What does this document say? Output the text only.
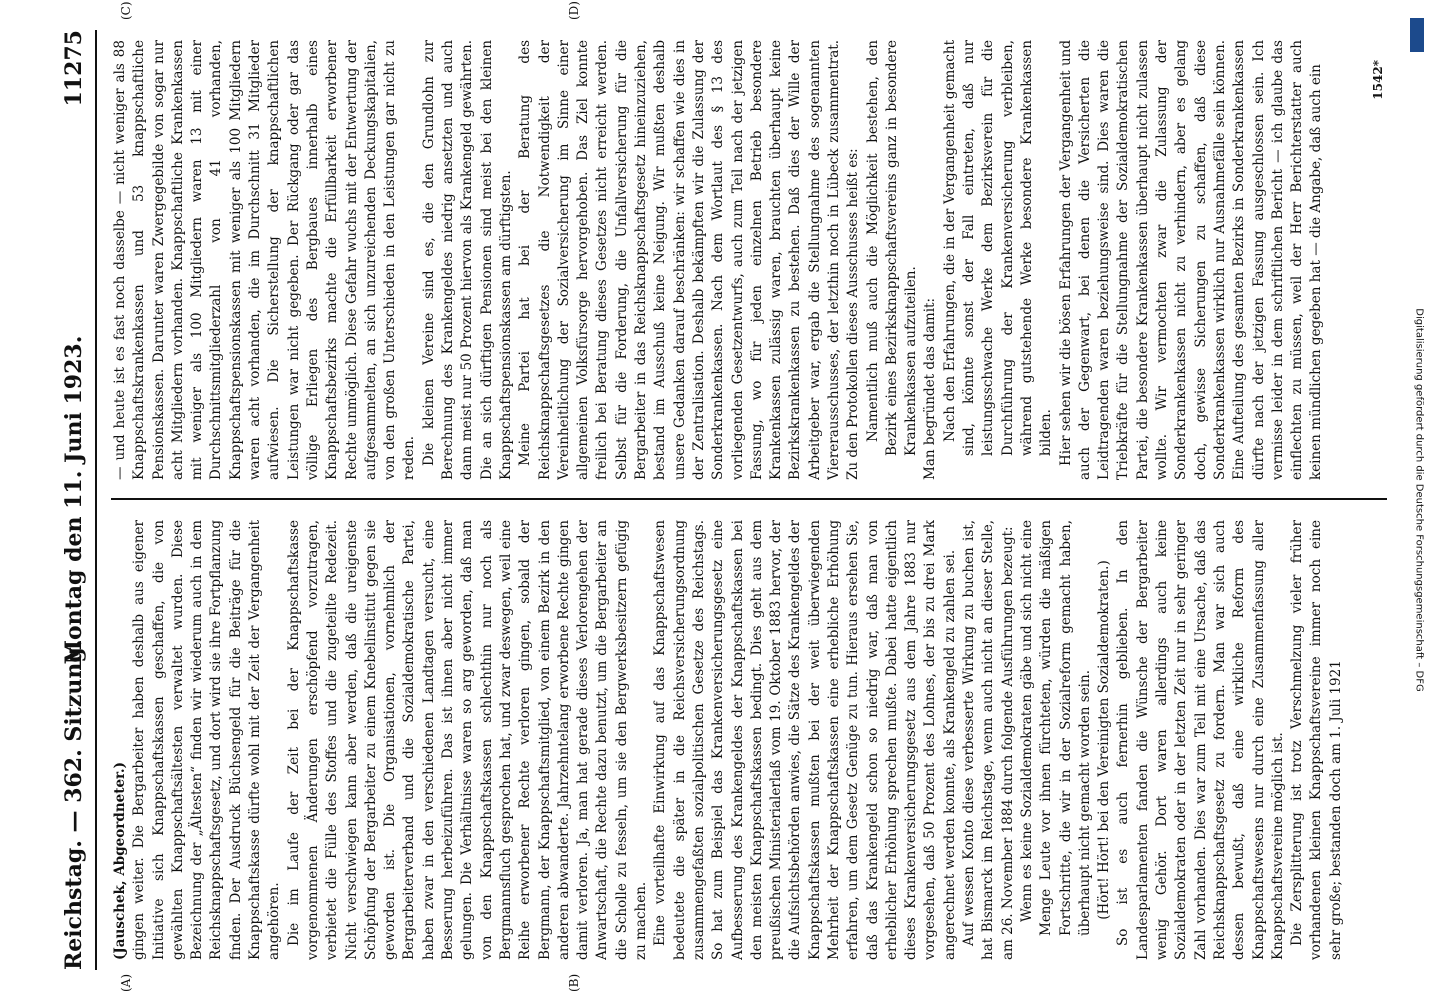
Reichstag. — 362. Sitzung.
Montag den 11. Juni 1923.
11275
(A)	(B)
(C)	(D)

(Jauschek, Abgeordneter.) gingen weiter. Die Bergarbeiter haben deshalb aus eigener Initiative sich Knappschaftskassen geschaffen, die von gewählten Knappschaftsältesten verwaltet wurden. Diese Bezeichnung der „Ältesten“ finden wir wiederum auch in dem Reichsknappschaftsgesetz, und dort wird sie ihre Fortpflanzung finden. Der Ausdruck Büchsengeld für die Beiträge für die Knappschaftskasse dürfte wohl mit der Zeit der Vergangenheit angehören. Die im Laufe der Zeit bei der Knappschaftskasse vorgenommenen Änderungen erschöpfend vorzutragen, verbietet die Fülle des Stoffes und die zugeteilte Redezeit. Nicht verschwiegen kann aber werden, daß die ureigenste Schöpfung der Bergarbeiter zu einem Knebelinstitut gegen sie geworden ist. Die Organisationen, vornehmlich der Bergarbeiterverband und die Sozialdemokratische Partei, haben zwar in den verschiedenen Landtagen versucht, eine Besserung herbeizuführen. Das ist ihnen aber nicht immer gelungen. Die Verhältnisse waren so arg geworden, daß man von den Knappschaftskassen schlechthin nur noch als Bergmannsfluch gesprochen hat, und zwar deswegen, weil eine Reihe erworbener Rechte verloren gingen, sobald der Bergmann, der Knappschaftsmitglied, von einem Bezirk in den anderen abwanderte. Jahrzehntelang erworbene Rechte gingen damit verloren. Ja, man hat gerade dieses Verlorengehen der Anwartschaft, die Rechte dazu benutzt, um die Bergarbeiter an die Scholle zu fesseln, um sie den Bergwerksbesitzern gefügig zu machen. Eine vorteilhafte Einwirkung auf das Knappschaftswesen bedeutete die später in die Reichsversicherungsordnung zusammengefaßten sozialpolitischen Gesetze des Reichstags. So hat zum Beispiel das Krankenversicherungsgesetz eine Aufbesserung des Krankengeldes der Knappschaftskassen bei den meisten Knappschaftskassen bedingt. Dies geht aus dem preußischen Ministerialerlaß vom 19. Oktober 1883 hervor, der die Aufsichtsbehörden anwies, die Sätze des Krankengeldes der Knappschaftskassen mußten bei der weit überwiegenden Mehrheit der Knappschaftskassen eine erhebliche Erhöhung erfahren, um dem Gesetz Genüge zu tun. Hieraus ersehen Sie, daß das Krankengeld schon so niedrig war, daß man von erheblicher Erhöhung sprechen mußte. Dabei hatte eigentlich dieses Krankenversicherungsgesetz aus dem Jahre 1883 nur vorgesehen, daß 50 Prozent des Lohnes, der bis zu drei Mark angerechnet werden konnte, als Krankengeld zu zahlen sei. Auf wessen Konto diese verbesserte Wirkung zu buchen ist, hat Bismarck im Reichstage, wenn auch nicht an dieser Stelle, am 26. November 1884 durch folgende Ausführungen bezeugt: Wenn es keine Sozialdemokraten gäbe und sich nicht eine Menge Leute vor ihnen fürchteten, würden die mäßigen Fortschritte, die wir in der Sozialreform gemacht haben, überhaupt nicht gemacht worden sein. (Hört! Hört! bei den Vereinigten Sozialdemokraten.) So ist es auch fernerhin geblieben. In den Landesparlamenten fanden die Wünsche der Bergarbeiter wenig Gehör. Dort waren allerdings auch keine Sozialdemokraten oder in der letzten Zeit nur in sehr geringer Zahl vorhanden. Dies war zum Teil mit eine Ursache, daß das Reichsknappschaftsgesetz zu fordern. Man war sich auch dessen bewußt, daß eine wirkliche Reform des Knappschaftswesens nur durch eine Zusammenfassung aller Knappschaftsvereine möglich ist. Die Zersplitterung ist trotz Verschmelzung vieler früher vorhandenen kleinen Knappschaftsvereine immer noch eine sehr große; bestanden doch am 1. Juli 1921

— und heute ist es fast noch dasselbe — nicht weniger als 88 Knappschaftskrankenkassen und 53 knappschaftliche Pensionskassen. Darunter waren Zwergegebilde von sogar nur acht Mitgliedern vorhanden. Knappschaftliche Krankenkassen mit weniger als 100 Mitgliedern waren 13 mit einer Durchschnittsmitgliederzahl von 41 vorhanden, Knappschaftspensionskassen mit weniger als 100 Mitgliedern waren acht vorhanden, die im Durchschnitt 31 Mitglieder aufwiesen. Die Sicherstellung der knappschaftlichen Leistungen war nicht gegeben. Der Rückgang oder gar das völlige Erliegen des Bergbaues innerhalb eines Knappschaftsbezirks machte die Erfüllbarkeit erworbener Rechte unmöglich. Diese Gefahr wuchs mit der Entwertung der aufgesammelten, an sich unzureichenden Deckungskapitalien, von den großen Unterschieden in den Leistungen gar nicht zu reden. Die kleinen Vereine sind es, die den Grundlohn zur Berechnung des Krankengeldes niedrig ansetzten und auch dann meist nur 50 Prozent hiervon als Krankengeld gewährten. Die an sich dürftigen Pensionen sind meist bei den kleinen Knappschaftspensionskassen am dürftigsten. Meine Partei hat bei der Beratung des Reichsknappschaftsgesetzes die Notwendigkeit der Vereinheitlichung der Sozialversicherung im Sinne einer allgemeinen Volksfürsorge hervorgehoben. Das Ziel konnte freilich bei Beratung dieses Gesetzes nicht erreicht werden. Selbst für die Forderung, die Unfallversicherung für die Bergarbeiter in das Reichsknappschaftsgesetz hineinzuziehen, bestand im Ausschuß keine Neigung. Wir mußten deshalb unsere Gedanken darauf beschränken: wir schaffen wie dies in der Zentralisation. Deshalb bekämpften wir die Zulassung der Sonderkrankenkassen. Nach dem Wortlaut des § 13 des vorliegenden Gesetzentwurfs, auch zum Teil nach der jetzigen Fassung, wo für jeden einzelnen Betrieb besondere Krankenkassen zulässig waren, brauchten überhaupt keine Bezirkskrankenkassen zu bestehen. Daß dies der Wille der Arbeitgeber war, ergab die Stellungnahme des sogenannten Viererausschusses, der letzthin noch in Lübeck zusammentrat. Zu den Protokollen dieses Ausschusses heißt es: Namentlich muß auch die Möglichkeit bestehen, den Bezirk eines Bezirksknappschaftsvereins ganz in besondere Krankenkassen aufzuteilen. Man begründet das damit: Nach den Erfahrungen, die in der Vergangenheit gemacht sind, könnte sonst der Fall eintreten, daß nur leistungsschwache Werke dem Bezirksverein für die Durchführung der Krankenversicherung verbleiben, während gutstehende Werke besondere Krankenkassen bilden. Hier sehen wir die bösen Erfahrungen der Vergangenheit und auch der Gegenwart, bei denen die Versicherten die Leidtragenden waren beziehungsweise sind. Dies waren die Triebkräfte für die Stellungnahme der Sozialdemokratischen Partei, die besondere Krankenkassen überhaupt nicht zulassen wollte. Wir vermochten zwar die Zulassung der Sonderkrankenkassen nicht zu verhindern, aber es gelang doch, gewisse Sicherungen zu schaffen, daß diese Sonderkrankenkassen wirklich nur Ausnahmefälle sein können. Eine Aufteilung des gesamten Bezirks in Sonderkrankenkassen dürfte nach der jetzigen Fassung ausgeschlossen sein. Ich vermisse leider in dem schriftlichen Bericht — ich glaube das einflechten zu müssen, weil der Herr Berichterstatter auch keinen mündlichen gegeben hat — die Angabe, daß auch ein	1542*
Digitalisierung gefördert durch die Deutsche Forschungsgemeinschaft – DFG
